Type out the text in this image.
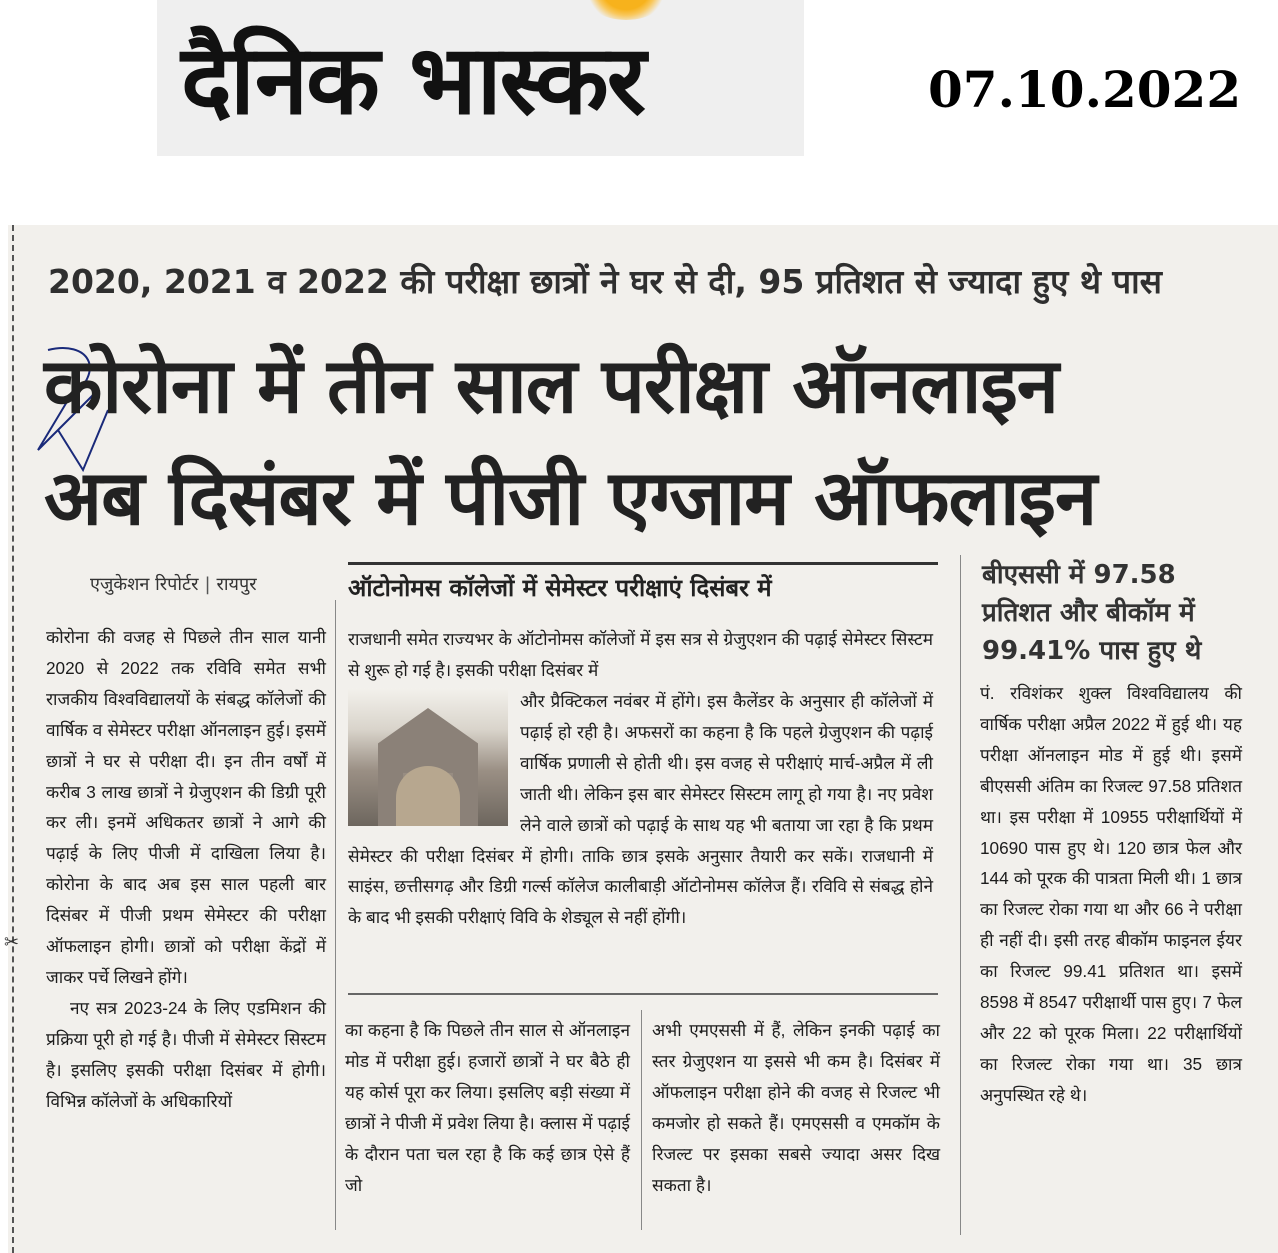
दैनिक भास्कर	07.10.2022
✂
2020, 2021 व 2022 की परीक्षा छात्रों ने घर से दी, 95 प्रतिशत से ज्यादा हुए थे पास
कोरोना में तीन साल परीक्षा ऑनलाइन
अब दिसंबर में पीजी एग्जाम ऑफलाइन
एजुकेशन रिपोर्टर | रायपुर

कोरोना की वजह से पिछले तीन साल यानी 2020 से 2022 तक रविवि समेत सभी राजकीय विश्वविद्यालयों के संबद्ध कॉलेजों की वार्षिक व सेमेस्टर परीक्षा ऑनलाइन हुई। इसमें छात्रों ने घर से परीक्षा दी। इन तीन वर्षों में करीब 3 लाख छात्रों ने ग्रेजुएशन की डिग्री पूरी कर ली। इनमें अधिकतर छात्रों ने आगे की पढ़ाई के लिए पीजी में दाखिला लिया है। कोरोना के बाद अब इस साल पहली बार दिसंबर में पीजी प्रथम सेमेस्टर की परीक्षा ऑफलाइन होगी। छात्रों को परीक्षा केंद्रों में जाकर पर्चे लिखने होंगे।

नए सत्र 2023-24 के लिए एडमिशन की प्रक्रिया पूरी हो गई है। पीजी में सेमेस्टर सिस्टम है। इसलिए इसकी परीक्षा दिसंबर में होगी। विभिन्न कॉलेजों के अधिकारियों

ऑटोनोमस कॉलेजों में सेमेस्टर परीक्षाएं दिसंबर में
राजधानी समेत राज्यभर के ऑटोनोमस कॉलेजों में इस सत्र से ग्रेजुएशन की पढ़ाई सेमेस्टर सिस्टम से शुरू हो गई है। इसकी परीक्षा दिसंबर में
और प्रैक्टिकल नवंबर में होंगे। इस कैलेंडर के अनुसार ही कॉलेजों में पढ़ाई हो रही है। अफसरों का कहना है कि पहले ग्रेजुएशन की पढ़ाई वार्षिक प्रणाली से होती थी। इस वजह से परीक्षाएं मार्च-अप्रैल में ली जाती थी। लेकिन इस बार सेमेस्टर सिस्टम लागू हो गया है। नए प्रवेश लेने वाले छात्रों को पढ़ाई के साथ यह भी बताया जा रहा है कि प्रथम सेमेस्टर की परीक्षा दिसंबर में होगी। ताकि छात्र इसके अनुसार तैयारी कर सकें। राजधानी में साइंस, छत्तीसगढ़ और डिग्री गर्ल्स कॉलेज कालीबाड़ी ऑटोनोमस कॉलेज हैं। रविवि से संबद्ध होने के बाद भी इसकी परीक्षाएं विवि के शेड्यूल से नहीं होंगी।
का कहना है कि पिछले तीन साल से ऑनलाइन मोड में परीक्षा हुई। हजारों छात्रों ने घर बैठे ही यह कोर्स पूरा कर लिया। इसलिए बड़ी संख्या में छात्रों ने पीजी में प्रवेश लिया है। क्लास में पढ़ाई के दौरान पता चल रहा है कि कई छात्र ऐसे हैं जो
अभी एमएससी में हैं, लेकिन इनकी पढ़ाई का स्तर ग्रेजुएशन या इससे भी कम है। दिसंबर में ऑफलाइन परीक्षा होने की वजह से रिजल्ट भी कमजोर हो सकते हैं। एमएससी व एमकॉम के रिजल्ट पर इसका सबसे ज्यादा असर दिख सकता है।
बीएससी में 97.58 प्रतिशत और बीकॉम में 99.41% पास हुए थे
पं. रविशंकर शुक्ल विश्वविद्यालय की वार्षिक परीक्षा अप्रैल 2022 में हुई थी। यह परीक्षा ऑनलाइन मोड में हुई थी। इसमें बीएससी अंतिम का रिजल्ट 97.58 प्रतिशत था। इस परीक्षा में 10955 परीक्षार्थियों में 10690 पास हुए थे। 120 छात्र फेल और 144 को पूरक की पात्रता मिली थी। 1 छात्र का रिजल्ट रोका गया था और 66 ने परीक्षा ही नहीं दी। इसी तरह बीकॉम फाइनल ईयर का रिजल्ट 99.41 प्रतिशत था। इसमें 8598 में 8547 परीक्षार्थी पास हुए। 7 फेल और 22 को पूरक मिला। 22 परीक्षार्थियों का रिजल्ट रोका गया था। 35 छात्र अनुपस्थित रहे थे।
